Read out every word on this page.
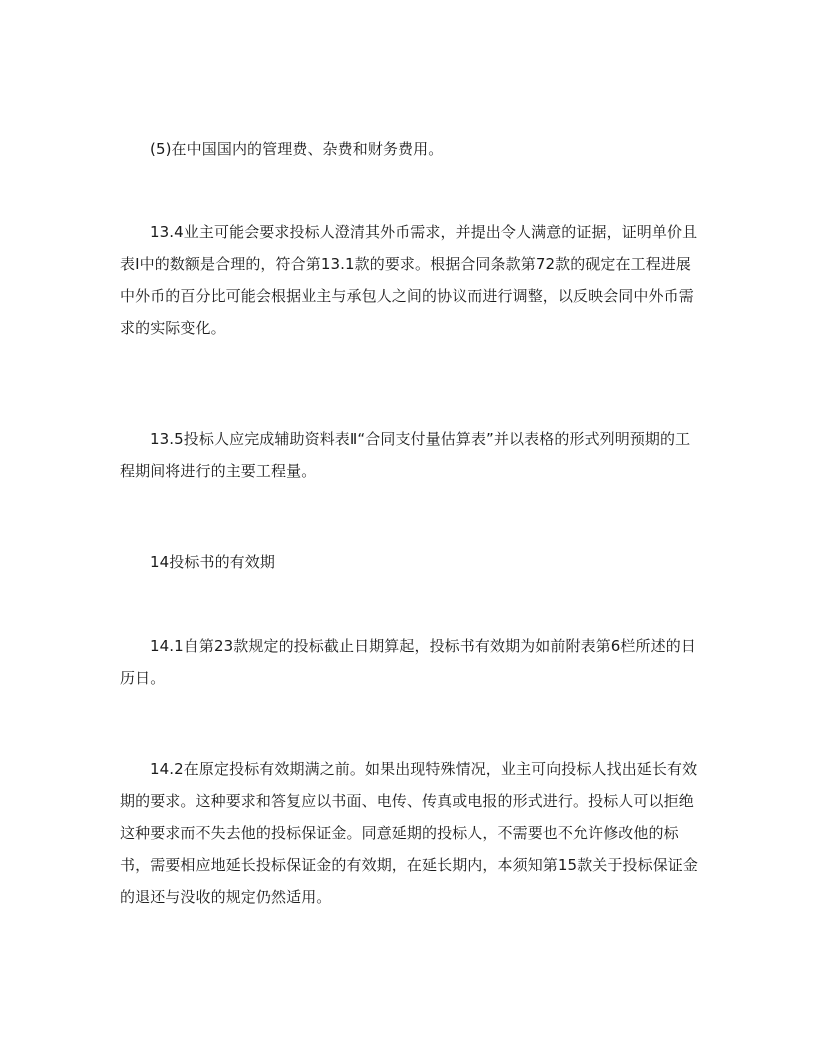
(5)在中国国内的管理费、杂费和财务费用。

13.4业主可能会要求投标人澄清其外币需求，并提出令人满意的证据，证明单价且表I中的数额是合理的，符合第13.1款的要求。根据合同条款第72款的砚定在工程进展中外币的百分比可能会根据业主与承包人之间的协议而进行调整，以反映会同中外币需求的实际变化。

13.5投标人应完成辅助资料表Ⅱ“合同支付量估算表”并以表格的形式列明预期的工程期间将进行的主要工程量。

14投标书的有效期

14.1自第23款规定的投标截止日期算起，投标书有效期为如前附表第6栏所述的日历日。

14.2在原定投标有效期满之前。如果出现特殊情况，业主可向投标人找出延长有效期的要求。这种要求和答复应以书面、电传、传真或电报的形式进行。投标人可以拒绝这种要求而不失去他的投标保证金。同意延期的投标人，不需要也不允许修改他的标书，需要相应地延长投标保证金的有效期，在延长期内，本须知第15款关于投标保证金的退还与没收的规定仍然适用。
